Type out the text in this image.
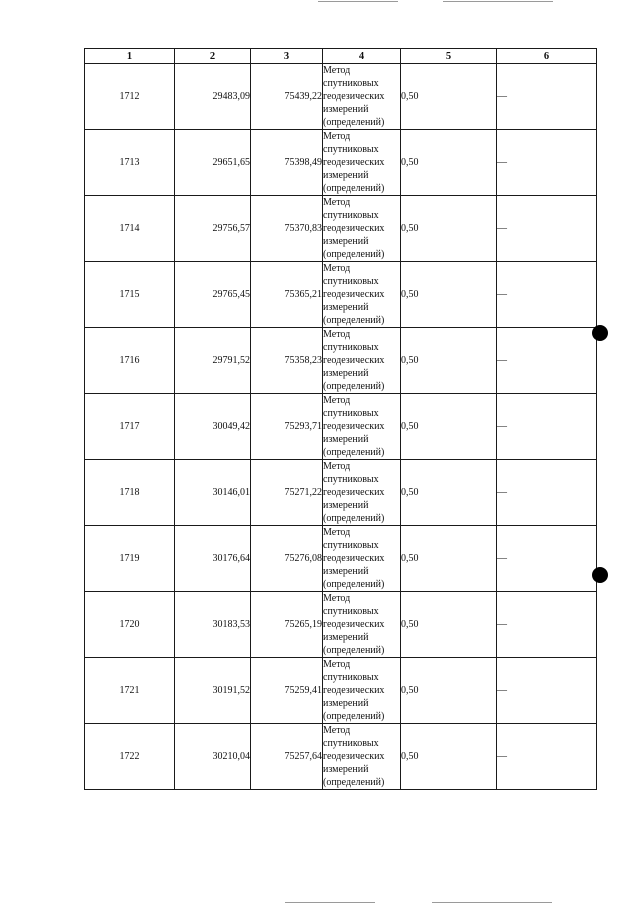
1	2	3	4	5	6
1712	29483,09	75439,22	Метод
спутниковых
геодезических
измерений
(определений)	0,50	—
1713	29651,65	75398,49	Метод
спутниковых
геодезических
измерений
(определений)	0,50	—
1714	29756,57	75370,83	Метод
спутниковых
геодезических
измерений
(определений)	0,50	—
1715	29765,45	75365,21	Метод
спутниковых
геодезических
измерений
(определений)	0,50	—
1716	29791,52	75358,23	Метод
спутниковых
геодезических
измерений
(определений)	0,50	—
1717	30049,42	75293,71	Метод
спутниковых
геодезических
измерений
(определений)	0,50	—
1718	30146,01	75271,22	Метод
спутниковых
геодезических
измерений
(определений)	0,50	—
1719	30176,64	75276,08	Метод
спутниковых
геодезических
измерений
(определений)	0,50	—
1720	30183,53	75265,19	Метод
спутниковых
геодезических
измерений
(определений)	0,50	—
1721	30191,52	75259,41	Метод
спутниковых
геодезических
измерений
(определений)	0,50	—
1722	30210,04	75257,64	Метод
спутниковых
геодезических
измерений
(определений)	0,50	—
